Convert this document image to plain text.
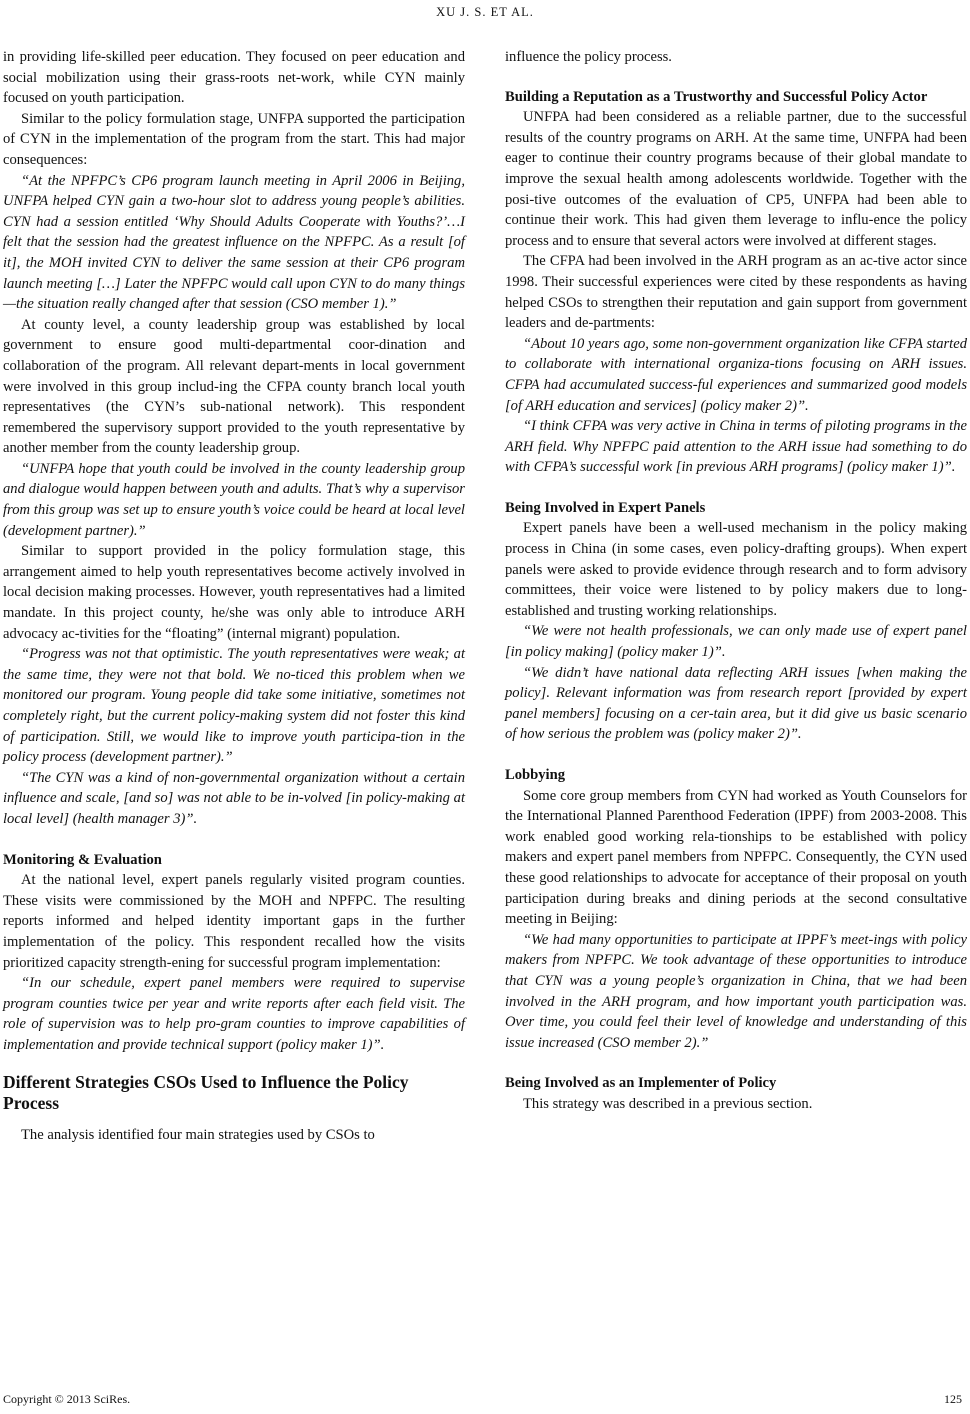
XU J. S. ET AL.

in providing life-skilled peer education. They focused on peer education and social mobilization using their grass-roots net-work, while CYN mainly focused on youth participation.

Similar to the policy formulation stage, UNFPA supported the participation of CYN in the implementation of the program from the start. This had major consequences:

“At the NPFPC’s CP6 program launch meeting in April 2006 in Beijing, UNFPA helped CYN gain a two-hour slot to address young people’s abilities. CYN had a session entitled ‘Why Should Adults Cooperate with Youths?’…I felt that the session had the greatest influence on the NPFPC. As a result [of it], the MOH invited CYN to deliver the same session at their CP6 program launch meeting […] Later the NPFPC would call upon CYN to do many things—the situation really changed after that session (CSO member 1).”

At county level, a county leadership group was established by local government to ensure good multi-departmental coor-dination and collaboration of the program. All relevant depart-ments in local government were involved in this group includ-ing the CFPA county branch local youth representatives (the CYN’s sub-national network). This respondent remembered the supervisory support provided to the youth representative by another member from the county leadership group.

“UNFPA hope that youth could be involved in the county leadership group and dialogue would happen between youth and adults. That’s why a supervisor from this group was set up to ensure youth’s voice could be heard at local level (development partner).”

Similar to support provided in the policy formulation stage, this arrangement aimed to help youth representatives become actively involved in local decision making processes. However, youth representatives had a limited mandate. In this project county, he/she was only able to introduce ARH advocacy ac-tivities for the “floating” (internal migrant) population.

“Progress was not that optimistic. The youth representatives were weak; at the same time, they were not that bold. We no-ticed this problem when we monitored our program. Young people did take some initiative, sometimes not completely right, but the current policy-making system did not foster this kind of participation. Still, we would like to improve youth participa-tion in the policy process (development partner).”

“The CYN was a kind of non-governmental organization without a certain influence and scale, [and so] was not able to be in-volved [in policy-making at local level] (health manager 3)”.

Monitoring & Evaluation

At the national level, expert panels regularly visited program counties. These visits were commissioned by the MOH and NPFPC. The resulting reports informed and helped identity important gaps in the further implementation of the policy. This respondent recalled how the visits prioritized capacity strength-ening for successful program implementation:

“In our schedule, expert panel members were required to supervise program counties twice per year and write reports after each field visit. The role of supervision was to help pro-gram counties to improve capabilities of implementation and provide technical support (policy maker 1)”.

Different Strategies CSOs Used to Influence the Policy Process

The analysis identified four main strategies used by CSOs to

influence the policy process.

Building a Reputation as a Trustworthy and Successful Policy Actor

UNFPA had been considered as a reliable partner, due to the successful results of the country programs on ARH. At the same time, UNFPA had been eager to continue their country programs because of their global mandate to improve the sexual health among adolescents worldwide. Together with the posi-tive outcomes of the evaluation of CP5, UNFPA had been able to continue their work. This had given them leverage to influ-ence the policy process and to ensure that several actors were involved at different stages.

The CFPA had been involved in the ARH program as an ac-tive actor since 1998. Their successful experiences were cited by these respondents as having helped CSOs to strengthen their reputation and gain support from government leaders and de-partments:

“About 10 years ago, some non-government organization like CFPA started to collaborate with international organiza-tions focusing on ARH issues. CFPA had accumulated success-ful experiences and summarized good models [of ARH education and services] (policy maker 2)”.

“I think CFPA was very active in China in terms of piloting programs in the ARH field. Why NPFPC paid attention to the ARH issue had something to do with CFPA’s successful work [in previous ARH programs] (policy maker 1)”.

Being Involved in Expert Panels

Expert panels have been a well-used mechanism in the policy making process in China (in some cases, even policy-drafting groups). When expert panels were asked to provide evidence through research and to form advisory committees, their voice were listened to by policy makers due to long-established and trusting working relationships.

“We were not health professionals, we can only made use of expert panel [in policy making] (policy maker 1)”.

“We didn’t have national data reflecting ARH issues [when making the policy]. Relevant information was from research report [provided by expert panel members] focusing on a cer-tain area, but it did give us basic scenario of how serious the problem was (policy maker 2)”.

Lobbying

Some core group members from CYN had worked as Youth Counselors for the International Planned Parenthood Federation (IPPF) from 2003-2008. This work enabled good working rela-tionships to be established with policy makers and expert panel members from NPFPC. Consequently, the CYN used these good relationships to advocate for acceptance of their proposal on youth participation during breaks and dining periods at the second consultative meeting in Beijing:

“We had many opportunities to participate at IPPF’s meet-ings with policy makers from NPFPC. We took advantage of these opportunities to introduce that CYN was a young people’s organization in China, that we had been involved in the ARH program, and how important youth participation was. Over time, you could feel their level of knowledge and understanding of this issue increased (CSO member 2).”

Being Involved as an Implementer of Policy

This strategy was described in a previous section.

Copyright © 2013 SciRes.	125
